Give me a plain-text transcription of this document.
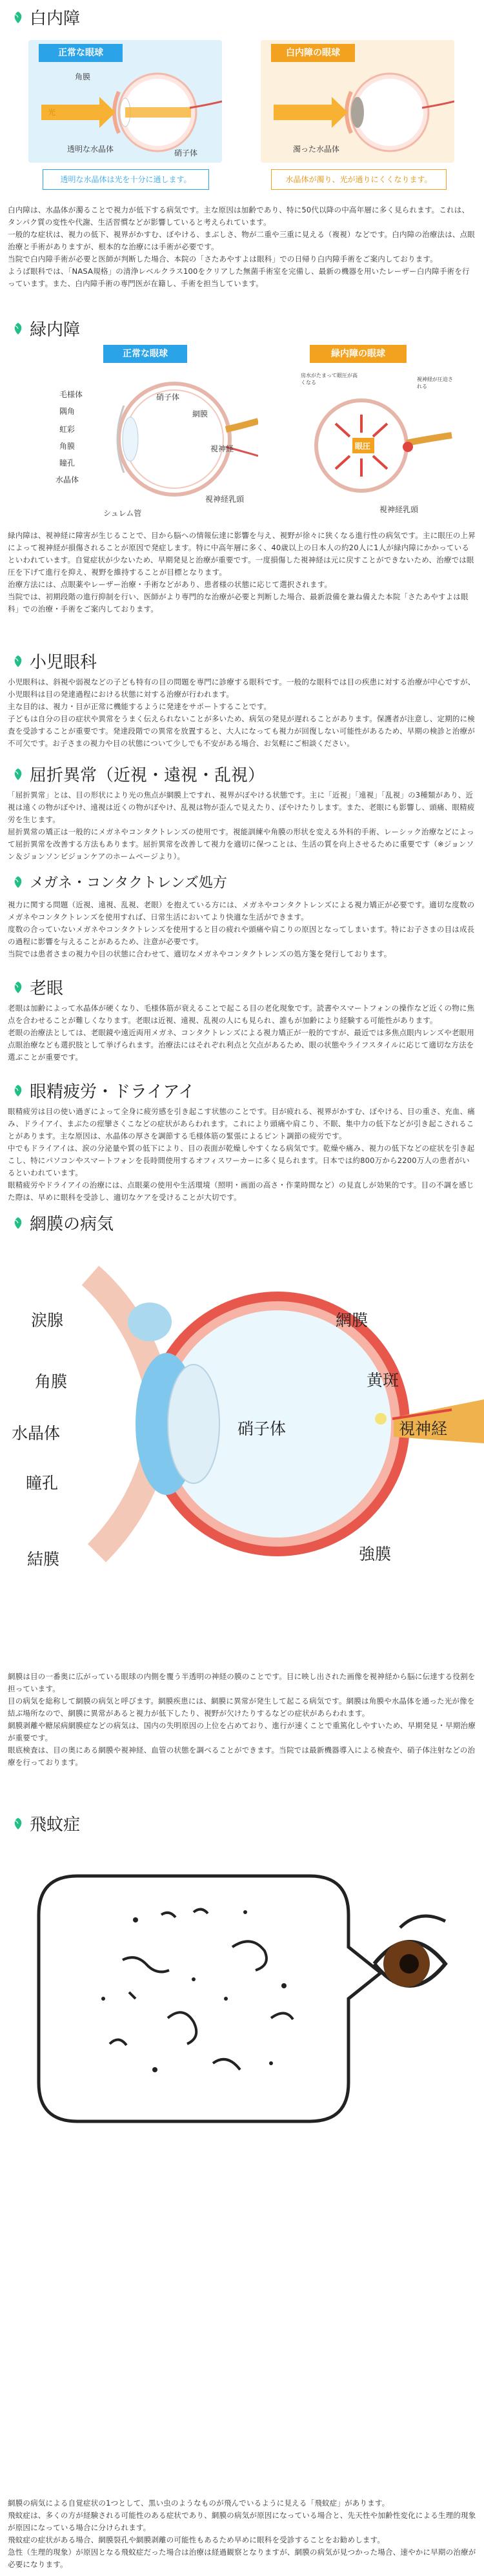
白内障
正常な眼球
角膜
光
透明な水晶体	硝子体
透明な水晶体は光を十分に通します。
白内障の眼球
濁った水晶体
水晶体が濁り、光が通りにくくなります。

白内障は、水晶体が濁ることで視力が低下する病気です。主な原因は加齢であり、特に50代以降の中高年層に多く見られます。これは、タンパク質の変性や代謝、生活習慣などが影響していると考えられています。

一般的な症状は、視力の低下、視界がかすむ、ぼやける、まぶしさ、物が二重や三重に見える（複視）などです。白内障の治療法は、点眼治療と手術がありますが、根本的な治療には手術が必要です。

当院で白内障手術が必要と医師が判断した場合、本院の「さたあやすよは眼科」での日帰り白内障手術をご案内しております。

ようば眼科では、「NASA規格」の清浄レベルクラス100をクリアした無菌手術室を完備し、最新の機器を用いたレーザー白内障手術を行っています。また、白内障手術の専門医が在籍し、手術を担当しています。

緑内障
正常な眼球	緑内障の眼球
毛様体
隅角
虹彩
角膜
瞳孔
水晶体
シュレム管
硝子体
網膜
視神経
視神経乳頭
房水がたまって眼圧が高くなる
眼圧
視神経が圧迫される
視神経乳頭

緑内障は、視神経に障害が生じることで、目から脳への情報伝達に影響を与え、視野が徐々に狭くなる進行性の病気です。主に眼圧の上昇によって視神経が損傷されることが原因で発症します。特に中高年層に多く、40歳以上の日本人の約20人に1人が緑内障にかかっているといわれています。自覚症状が少ないため、早期発見と治療が重要です。一度損傷した視神経は元に戻すことができないため、治療では眼圧を下げて進行を抑え、視野を維持することが目標となります。

治療方法には、点眼薬やレーザー治療・手術などがあり、患者様の状態に応じて選択されます。

当院では、初期段階の進行抑制を行い、医師がより専門的な治療が必要と判断した場合、最新設備を兼ね備えた本院「さたあやすよは眼科」での治療・手術をご案内しております。

小児眼科

小児眼科は、斜視や弱視などの子ども特有の目の問題を専門に診療する眼科です。一般的な眼科では目の疾患に対する治療が中心ですが、小児眼科は目の発達過程における状態に対する治療が行われます。

主な目的は、視力・目が正常に機能するように発達をサポートすることです。

子どもは自分の目の症状や異常をうまく伝えられないことが多いため、病気の発見が遅れることがあります。保護者が注意し、定期的に検査を受診することが重要です。発達段階での異常を放置すると、大人になっても視力が回復しない可能性があるため、早期の検診と治療が不可欠です。お子さまの視力や目の状態について少しでも不安がある場合、お気軽にご相談ください。

屈折異常（近視・遠視・乱視）

「屈折異常」とは、目の形状により光の焦点が網膜上ですれ、視界がぼやける状態です。主に「近視」「遠視」「乱視」の3種類があり、近視は遠くの物がぼやけ、遠視は近くの物がぼやけ、乱視は物が歪んで見えたり、ぼやけたりします。また、老眼にも影響し、頭痛、眼精疲労を生じます。

屈折異常の矯正は一般的にメガネやコンタクトレンズの使用です。視能訓練や角膜の形状を変える外科的手術、レーシック治療などによって屈折異常を改善する方法もあります。屈折異常を改善して視力を適切に保つことは、生活の質を向上させるために重要です（※ジョンソン＆ジョンソンビジョンケアのホームページより）。

メガネ・コンタクトレンズ処方

視力に関する問題（近視、遠視、乱視、老眼）を抱えている方には、メガネやコンタクトレンズによる視力矯正が必要です。適切な度数のメガネやコンタクトレンズを使用すれば、日常生活においてより快適な生活ができます。

度数の合っていないメガネやコンタクトレンズを使用すると目の疲れや頭痛や肩こりの原因となってしまいます。特にお子さまの目は成長の過程に影響を与えることがあるため、注意が必要です。

当院では患者さまの視力や目の状態に合わせて、適切なメガネやコンタクトレンズの処方箋を発行しております。

老眼

老眼は加齢によって水晶体が硬くなり、毛様体筋が衰えることで起こる目の老化現象です。読書やスマートフォンの操作など近くの物に焦点を合わせることが難しくなります。老眼は近視、遠視、乱視の人にも見られ、誰もが加齢により経験する可能性があります。

老眼の治療法としては、老眼鏡や遠近両用メガネ、コンタクトレンズによる視力矯正が一般的ですが、最近では多焦点眼内レンズや老眼用点眼治療なども選択肢として挙げられます。治療法にはそれぞれ利点と欠点があるため、眼の状態やライフスタイルに応じて適切な方法を選ぶことが重要です。

眼精疲労・ドライアイ

眼精疲労は目の使い過ぎによって全身に疲労感を引き起こす状態のことです。目が疲れる、視界がかすむ、ぼやける、目の重さ、充血、痛み、ドライアイ、まぶたの痙攣さくこなどの症状があらわれます。これにより頭痛や肩こり、不眠、集中力の低下などが引き起こされることがあります。主な原因は、水晶体の厚さを調節する毛様体筋の緊張によるピント調節の疲労です。

中でもドライアイは、涙の分泌量や質の低下により、目の表面が乾燥しやすくなる病気です。乾燥や痛み、視力の低下などの症状を引き起こし、特にパソコンやスマートフォンを長時間使用するオフィスワーカーに多く見られます。日本では約800万から2200万人の患者がいるといわれています。

眼精疲労やドライアイの治療には、点眼薬の使用や生活環境（照明・画面の高さ・作業時間など）の見直しが効果的です。目の不調を感じた際は、早めに眼科を受診し、適切なケアを受けることが大切です。

網膜の病気
涙腺	網膜
角膜	黄斑
水晶体	硝子体	視神経
瞳孔
結膜	強膜

網膜は目の一番奥に広がっている眼球の内側を覆う半透明の神経の膜のことです。目に映し出された画像を視神経から脳に伝達する役割を担っています。

目の病気を総称して網膜の病気と呼びます。網膜疾患には、網膜に異常が発生して起こる病気です。網膜は角膜や水晶体を通った光が像を結ぶ場所なので、網膜に異常があると視力が低下したり、視野が欠けたりするなどの症状があらわれます。

網膜剥離や糖尿病網膜症などの病気は、国内の失明原因の上位を占めており、進行が速くことで重篤化しやすいため、早期発見・早期治療が重要です。

眼底検査は、目の奥にある網膜や視神経、血管の状態を調べることができます。当院では最新機器導入による検査や、硝子体注射などの治療を行っております。

飛蚊症

網膜の病気による自覚症状の1つとして、黒い虫のようなものが飛んでいるように見える「飛蚊症」があります。

飛蚊症は、多くの方が経験される可能性のある症状であり、網膜の病気が原因になっている場合と、先天性や加齢性変化による生理的現象が原因になっている場合に分けられます。

飛蚊症の症状がある場合、網膜裂孔や網膜剥離の可能性もあるため早めに眼科を受診することをお勧めします。

急性（生理的現象）が原因となる飛蚊症だった場合は治療は経過観察となりますが、網膜の病気が見つかった場合、速やかに早期の治療が必要になります。
